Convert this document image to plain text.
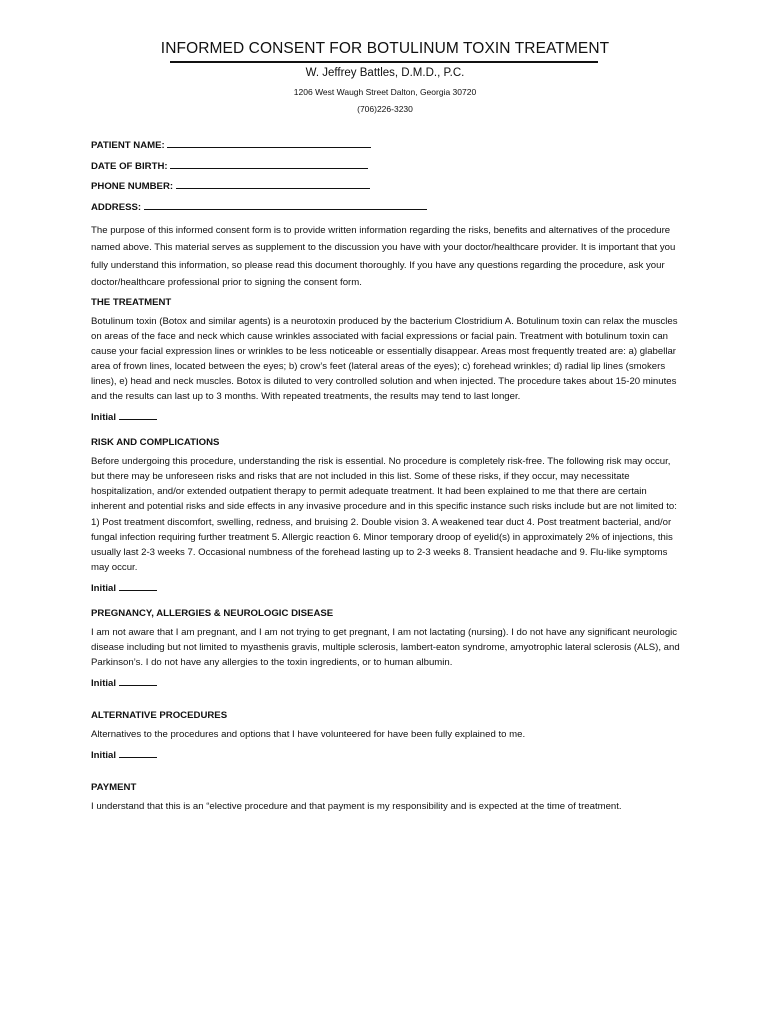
INFORMED CONSENT FOR BOTULINUM TOXIN TREATMENT
W. Jeffrey Battles, D.M.D., P.C.
1206 West Waugh Street Dalton, Georgia 30720
(706)226-3230
PATIENT NAME:
DATE OF BIRTH:
PHONE NUMBER:
ADDRESS:
The purpose of this informed consent form is to provide written information regarding the risks, benefits and alternatives of the procedure named above. This material serves as supplement to the discussion you have with your doctor/healthcare provider. It is important that you fully understand this information, so please read this document thoroughly. If you have any questions regarding the procedure, ask your doctor/healthcare professional prior to signing the consent form.
THE TREATMENT
Botulinum toxin (Botox and similar agents) is a neurotoxin produced by the bacterium Clostridium A. Botulinum toxin can relax the muscles on areas of the face and neck which cause wrinkles associated with facial expressions or facial pain. Treatment with botulinum toxin can cause your facial expression lines or wrinkles to be less noticeable or essentially disappear. Areas most frequently treated are: a) glabellar area of frown lines, located between the eyes; b) crow’s feet (lateral areas of the eyes); c) forehead wrinkles; d) radial lip lines (smokers lines), e) head and neck muscles. Botox is diluted to very controlled solution and when injected. The procedure takes about 15-20 minutes and the results can last up to 3 months. With repeated treatments, the results may tend to last longer.
Initial
RISK AND COMPLICATIONS
Before undergoing this procedure, understanding the risk is essential. No procedure is completely risk-free. The following risk may occur, but there may be unforeseen risks and risks that are not included in this list. Some of these risks, if they occur, may necessitate hospitalization, and/or extended outpatient therapy to permit adequate treatment. It had been explained to me that there are certain inherent and potential risks and side effects in any invasive procedure and in this specific instance such risks include but are not limited to: 1) Post treatment discomfort, swelling, redness, and bruising 2. Double vision 3. A weakened tear duct 4. Post treatment bacterial, and/or fungal infection requiring further treatment 5. Allergic reaction 6. Minor temporary droop of eyelid(s) in approximately 2% of injections, this usually last 2-3 weeks 7. Occasional numbness of the forehead lasting up to 2-3 weeks 8. Transient headache and 9. Flu-like symptoms may occur.
Initial
PREGNANCY, ALLERGIES & NEUROLOGIC DISEASE
I am not aware that I am pregnant, and I am not trying to get pregnant, I am not lactating (nursing). I do not have any significant neurologic disease including but not limited to myasthenis gravis, multiple sclerosis, lambert-eaton syndrome, amyotrophic lateral sclerosis (ALS), and Parkinson’s. I do not have any allergies to the toxin ingredients, or to human albumin.
Initial
ALTERNATIVE PROCEDURES
Alternatives to the procedures and options that I have volunteered for have been fully explained to me.
Initial
PAYMENT
I understand that this is an “elective procedure and that payment is my responsibility and is expected at the time of treatment.
